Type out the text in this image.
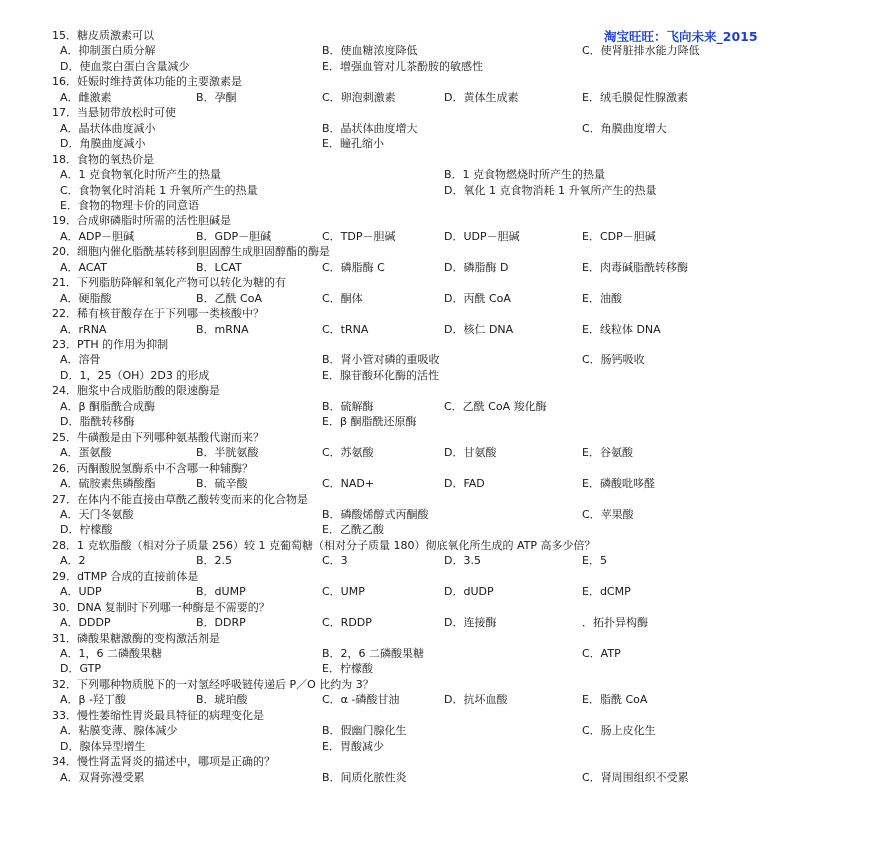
淘宝旺旺：飞向未来_2015
15．糖皮质激素可以
A．抑制蛋白质分解	B．使血糖浓度降低	C．使肾脏排水能力降低
D．使血浆白蛋白含量减少	E．增强血管对儿茶酚胺的敏感性
16．妊娠时维持黄体功能的主要激素是
A．雌激素	B．孕酮	C．卵泡刺激素	D．黄体生成素	E．绒毛膜促性腺激素
17．当悬韧带放松时可使
A．晶状体曲度减小	B．晶状体曲度增大	C．角膜曲度增大
D．角膜曲度减小	E．瞳孔缩小
18．食物的氧热价是
A．1 克食物氧化时所产生的热量	B．1 克食物燃烧时所产生的热量
C．食物氧化时消耗 1 升氧所产生的热量	D．氧化 1 克食物消耗 1 升氧所产生的热量
E．食物的物理卡价的同意语
19．合成卵磷脂时所需的活性胆碱是
A．ADP－胆碱	B．GDP－胆碱	C．TDP－胆碱	D．UDP－胆碱	E．CDP－胆碱
20．细胞内催化脂酰基转移到胆固醇生成胆固醇酯的酶是
A．ACAT	B．LCAT	C．磷脂酶 C	D．磷脂酶 D	E．肉毒碱脂酰转移酶
21．下列脂肪降解和氧化产物可以转化为糖的有
A．硬脂酸	B．乙酰 CoA	C．酮体	D．丙酰 CoA	E．油酸
22．稀有核苷酸存在于下列哪一类核酸中？
A．rRNA	B．mRNA	C．tRNA	D．核仁 DNA	E．线粒体 DNA
23．PTH 的作用为抑制
A．溶骨	B．肾小管对磷的重吸收	C．肠钙吸收
D．1，25（OH）2D3 的形成	E．腺苷酸环化酶的活性
24．胞浆中合成脂肪酸的限速酶是
A．β 酮脂酰合成酶	B．硫解酶	C．乙酰 CoA 羧化酶
D．脂酰转移酶	E．β 酮脂酰还原酶
25．牛磺酸是由下列哪种氨基酸代谢而来？
A．蛋氨酸	B．半胱氨酸	C．苏氨酸	D．甘氨酸	E．谷氨酸
26．丙酮酸脱氢酶系中不含哪一种辅酶？
A．硫胺素焦磷酸酯	B．硫辛酸	C．NAD+	D．FAD	E．磷酸吡哆醛
27．在体内不能直接由草酰乙酸转变而来的化合物是
A．天门冬氨酸	B．磷酸烯醇式丙酮酸	C．苹果酸
D．柠檬酸	E．乙酰乙酸
28．1 克软脂酸（相对分子质量 256）较 1 克葡萄糖（相对分子质量 180）彻底氧化所生成的 ATP 高多少倍？
A．2	B．2.5	C．3	D．3.5	E．5
29．dTMP 合成的直接前体是
A．UDP	B．dUMP	C．UMP	D．dUDP	E．dCMP
30．DNA 复制时下列哪一种酶是不需要的？
A．DDDP	B．DDRP	C．RDDP	D．连接酶	．拓扑异构酶
31．磷酸果糖激酶的变构激活剂是
A．1，6 二磷酸果糖	B．2，6 二磷酸果糖	C．ATP
D．GTP	E．柠檬酸
32．下列哪种物质脱下的一对氢经呼吸链传递后 P／O 比约为 3？
A．β -羟丁酸	B．琥珀酸	C．α -磷酸甘油	D．抗坏血酸	E．脂酰 CoA
33．慢性萎缩性胃炎最具特征的病理变化是
A．粘膜变薄、腺体减少	B．假幽门腺化生	C．肠上皮化生
D．腺体异型增生	E．胃酸减少
34．慢性肾盂肾炎的描述中，哪项是正确的？
A．双肾弥漫受累	B．间质化脓性炎	C．肾周围组织不受累
